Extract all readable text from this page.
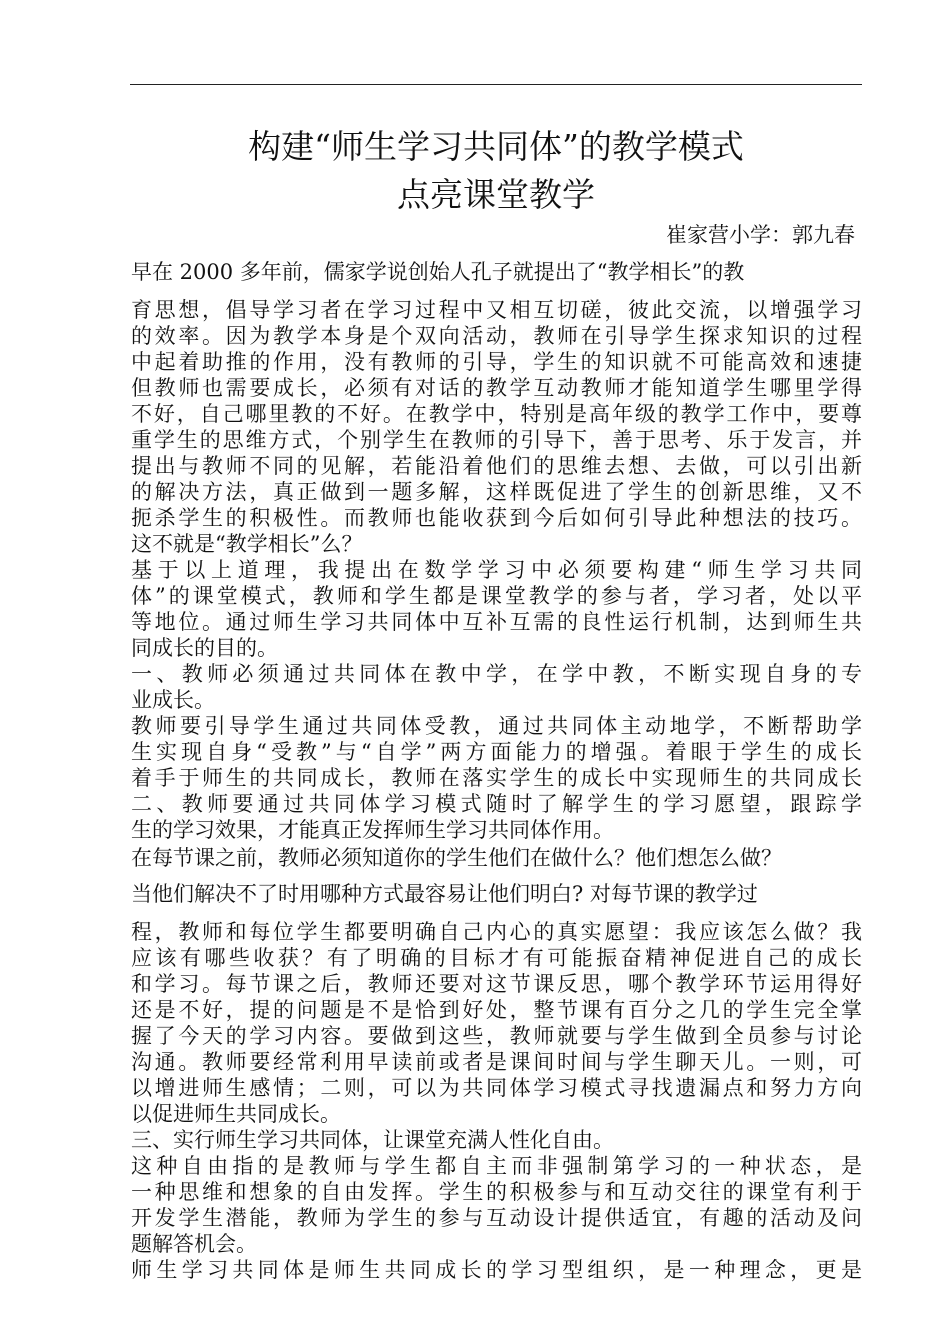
构建“师生学习共同体”的教学模式
点亮课堂教学
崔家营小学：郭九春
早在 2000 多年前，儒家学说创始人孔子就提出了“教学相长”的教
育思想，倡导学习者在学习过程中又相互切磋，彼此交流，以增强学习
的效率。因为教学本身是个双向活动，教师在引导学生探求知识的过程
中起着助推的作用，没有教师的引导，学生的知识就不可能高效和速捷
但教师也需要成长，必须有对话的教学互动教师才能知道学生哪里学得
不好，自己哪里教的不好。在教学中，特别是高年级的教学工作中，要尊
重学生的思维方式，个别学生在教师的引导下，善于思考、乐于发言，并
提出与教师不同的见解，若能沿着他们的思维去想、去做，可以引出新
的解决方法，真正做到一题多解，这样既促进了学生的创新思维，又不
扼杀学生的积极性。而教师也能收获到今后如何引导此种想法的技巧。
这不就是“教学相长”么？
基于以上道理，我提出在数学学习中必须要构建“师生学习共同
体”的课堂模式，教师和学生都是课堂教学的参与者，学习者，处以平
等地位。通过师生学习共同体中互补互需的良性运行机制，达到师生共
同成长的目的。
一、教师必须通过共同体在教中学，在学中教，不断实现自身的专
业成长。
教师要引导学生通过共同体受教，通过共同体主动地学，不断帮助学
生实现自身“受教”与“自学”两方面能力的增强。着眼于学生的成长
着手于师生的共同成长，教师在落实学生的成长中实现师生的共同成长
二、教师要通过共同体学习模式随时了解学生的学习愿望，跟踪学
生的学习效果，才能真正发挥师生学习共同体作用。
在每节课之前，教师必须知道你的学生他们在做什么？他们想怎么做？
当他们解决不了时用哪种方式最容易让他们明白? 对每节课的教学过
程，教师和每位学生都要明确自己内心的真实愿望：我应该怎么做？我
应该有哪些收获？有了明确的目标才有可能振奋精神促进自己的成长
和学习。每节课之后，教师还要对这节课反思，哪个教学环节运用得好
还是不好，提的问题是不是恰到好处，整节课有百分之几的学生完全掌
握了今天的学习内容。要做到这些，教师就要与学生做到全员参与讨论
沟通。教师要经常利用早读前或者是课间时间与学生聊天儿。一则，可
以增进师生感情；二则，可以为共同体学习模式寻找遗漏点和努力方向
以促进师生共同成长。
三、实行师生学习共同体，让课堂充满人性化自由。
这种自由指的是教师与学生都自主而非强制第学习的一种状态，是
一种思维和想象的自由发挥。学生的积极参与和互动交往的课堂有利于
开发学生潜能，教师为学生的参与互动设计提供适宜，有趣的活动及问
题解答机会。
师生学习共同体是师生共同成长的学习型组织，是一种理念，更是
